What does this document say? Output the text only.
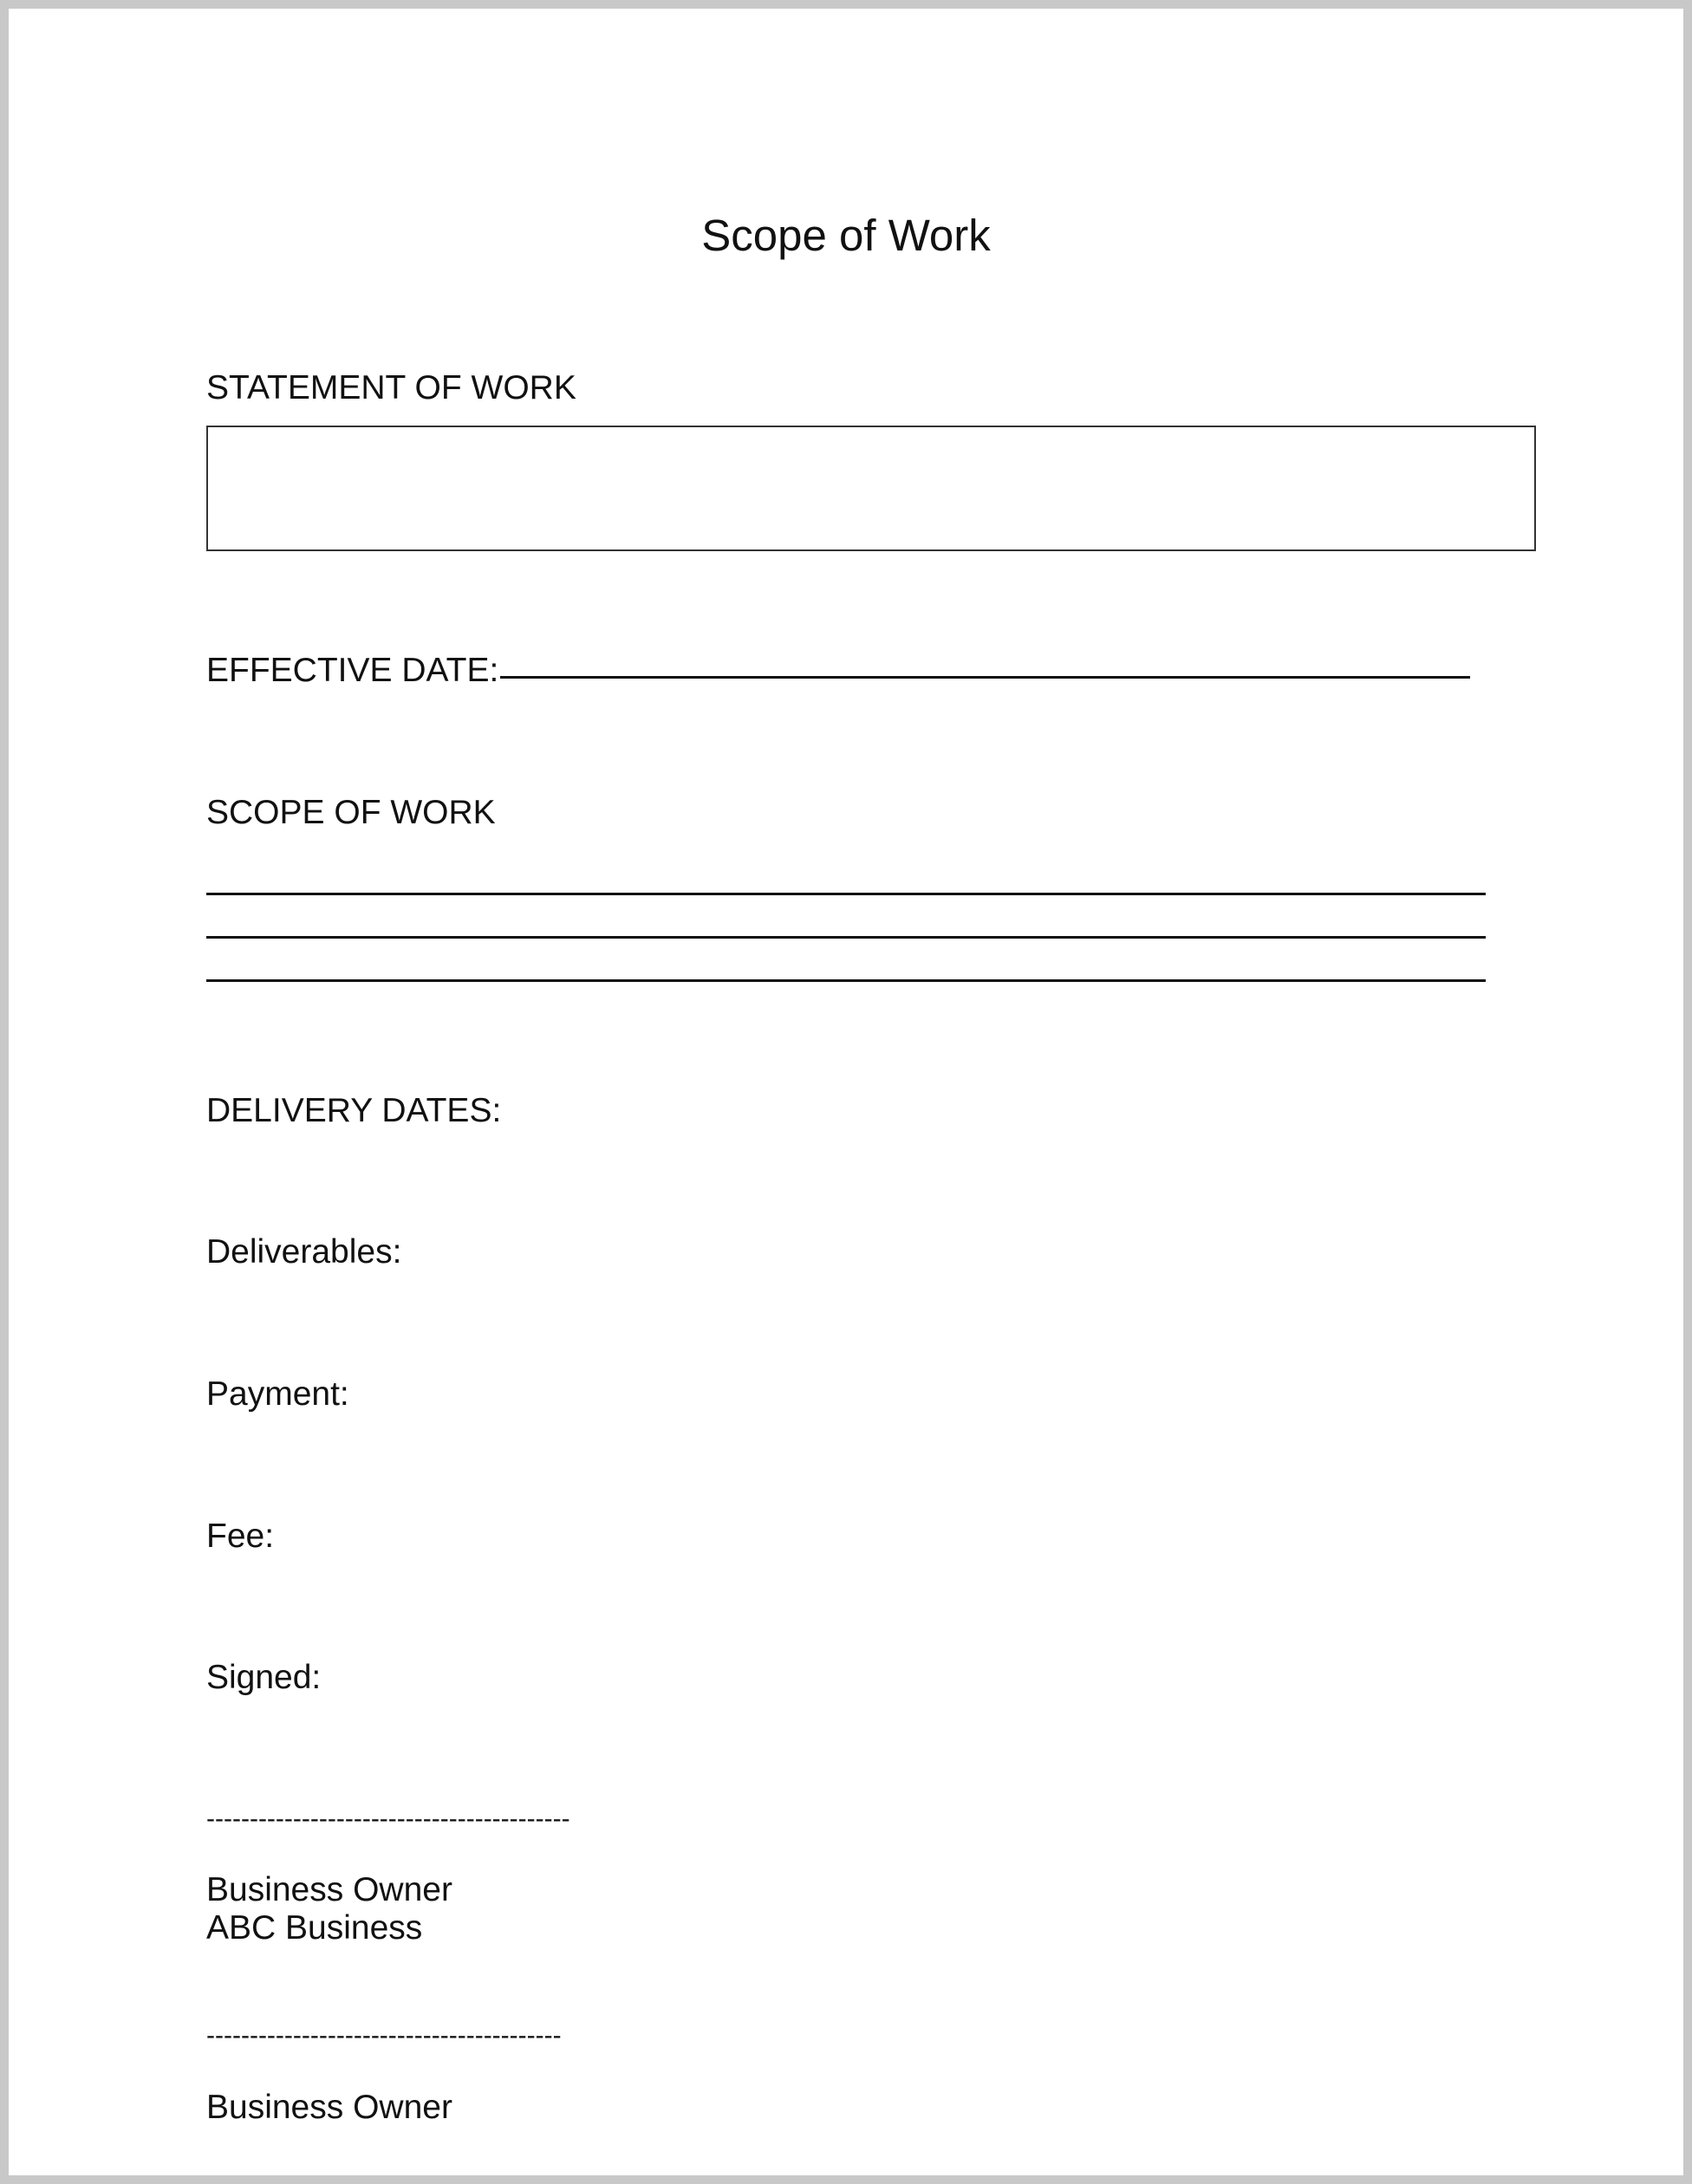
Scope of Work
STATEMENT OF WORK
EFFECTIVE DATE:
SCOPE OF WORK
DELIVERY DATES:
Deliverables:
Payment:
Fee:
Signed:
------------------------------------------
Business Owner
ABC Business
-----------------------------------------
Business Owner
